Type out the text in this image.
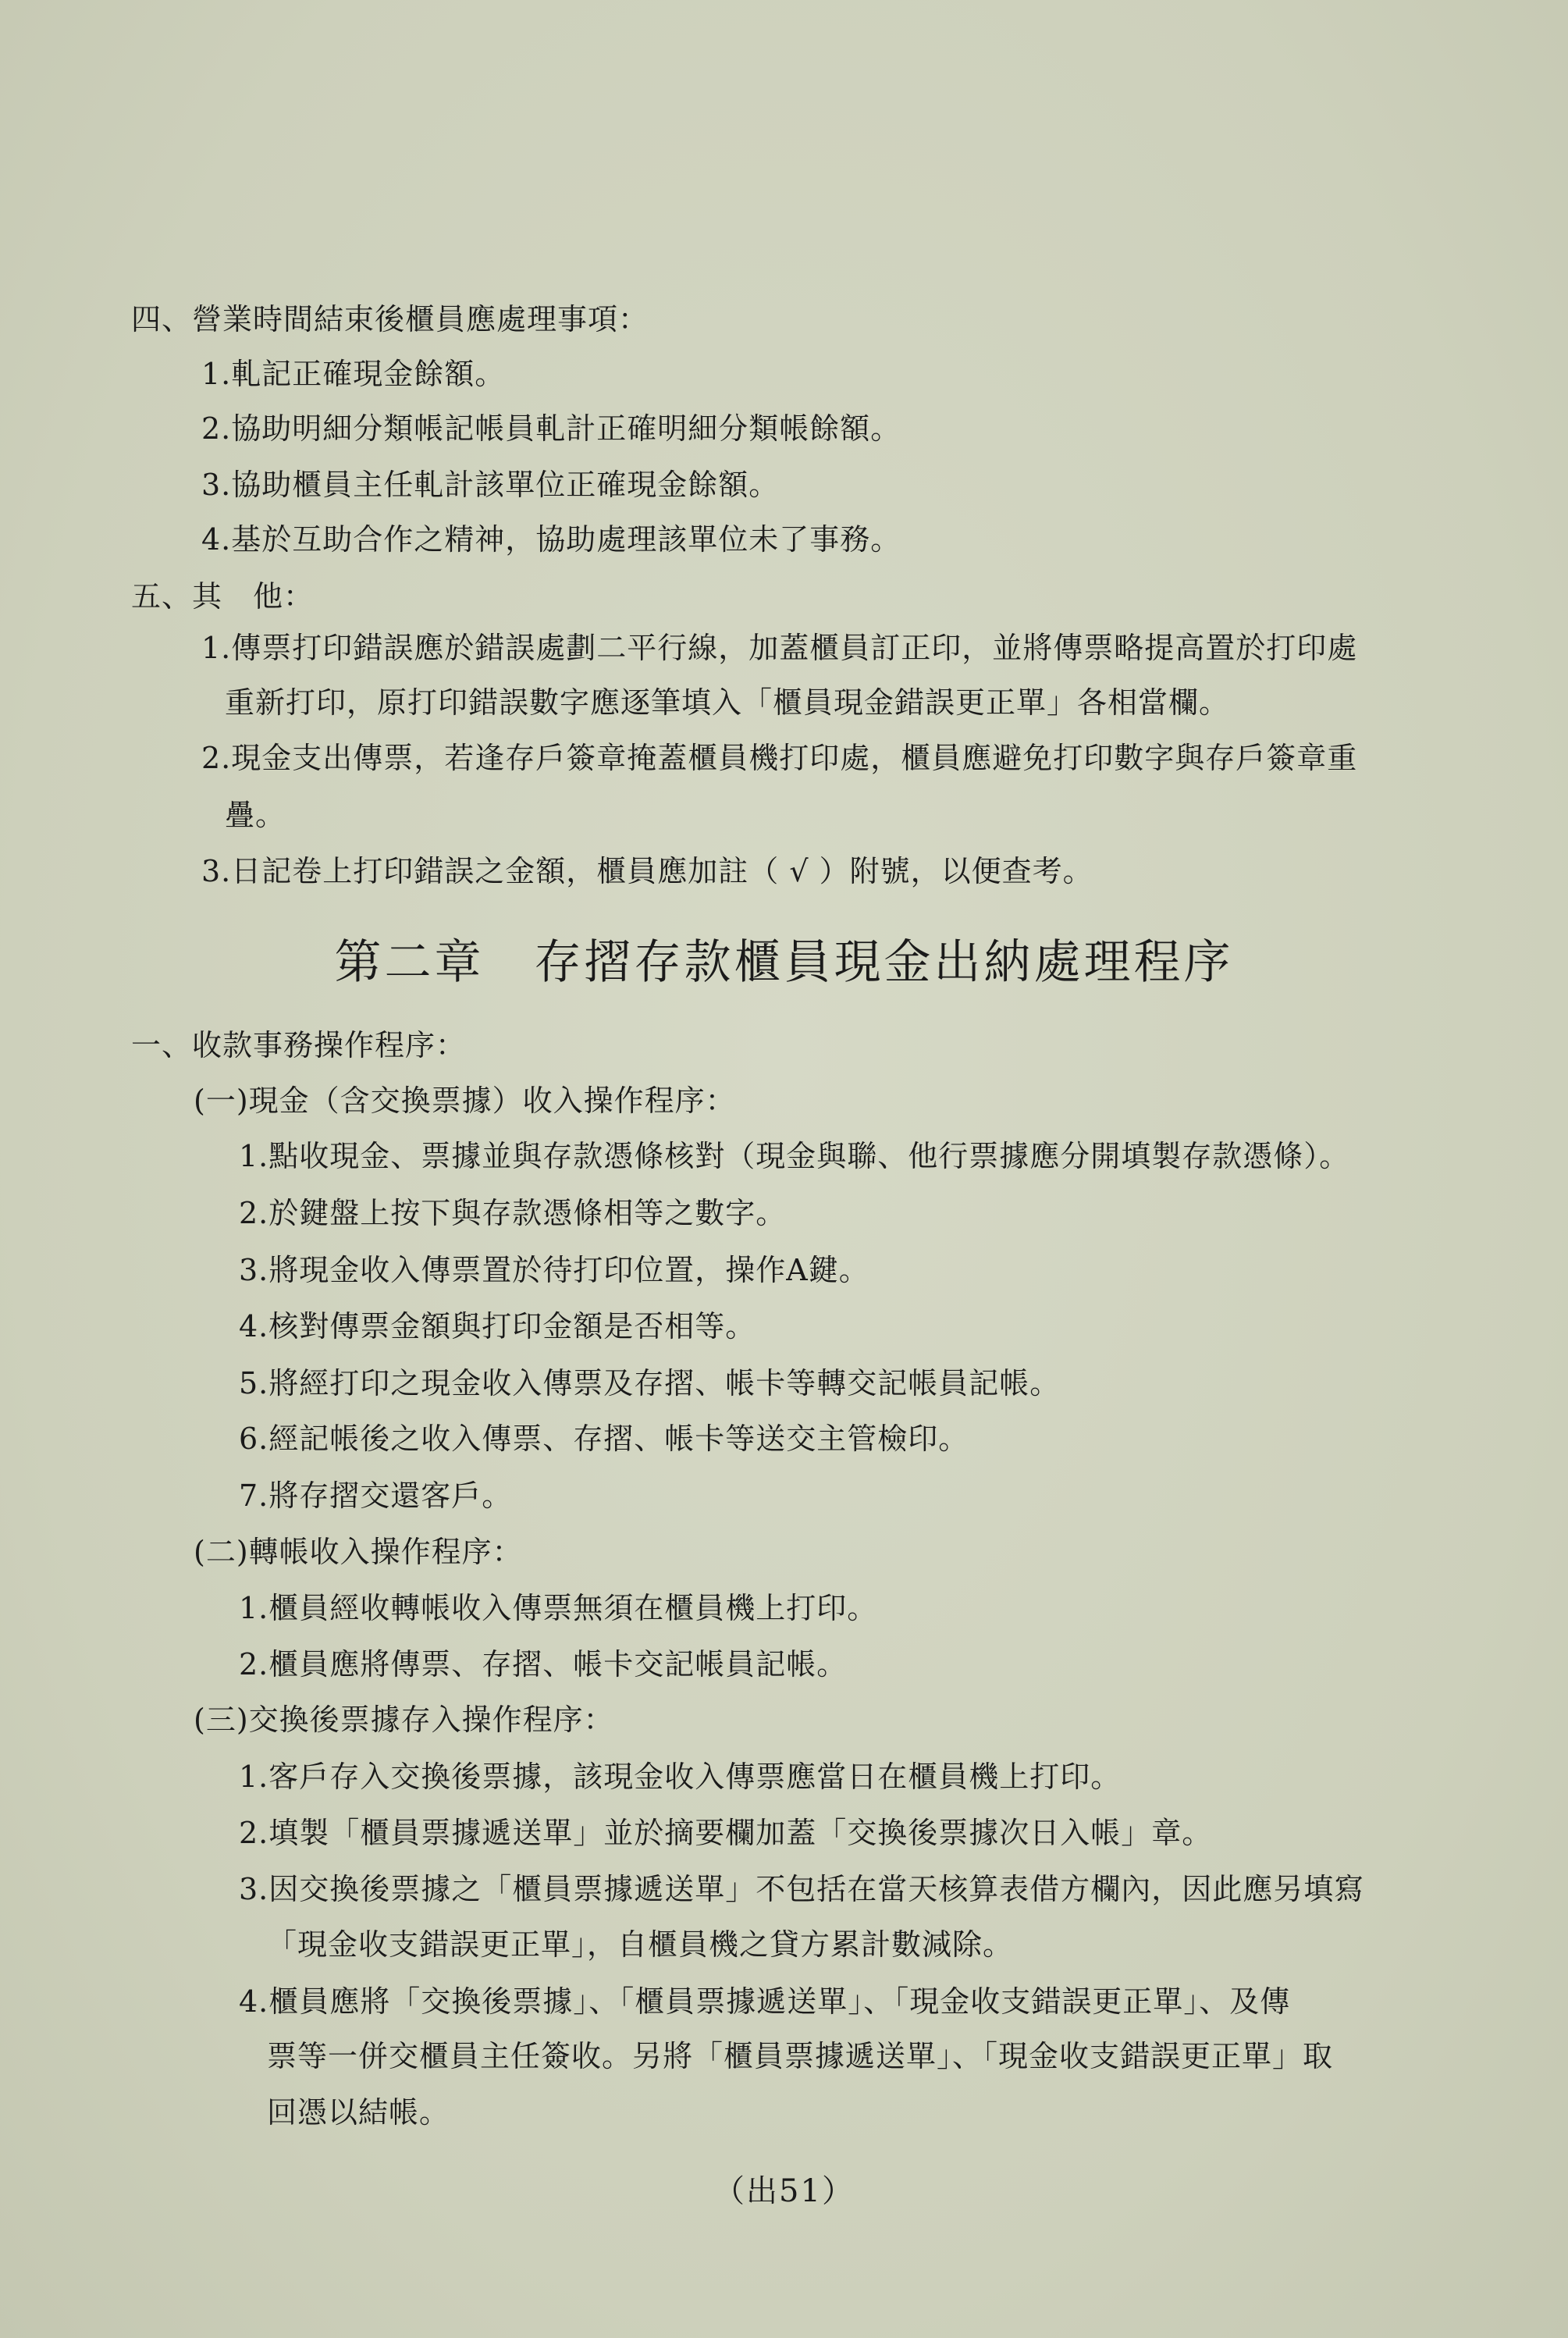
四、營業時間結束後櫃員應處理事項：
1.軋記正確現金餘額。
2.協助明細分類帳記帳員軋計正確明細分類帳餘額。
3.協助櫃員主任軋計該單位正確現金餘額。
4.基於互助合作之精神，協助處理該單位未了事務。
五、其　他：
1.傳票打印錯誤應於錯誤處劃二平行線，加蓋櫃員訂正印，並將傳票略提高置於打印處
重新打印，原打印錯誤數字應逐筆填入「櫃員現金錯誤更正單」各相當欄。
2.現金支出傳票，若逢存戶簽章掩蓋櫃員機打印處，櫃員應避免打印數字與存戶簽章重
疊。
3.日記卷上打印錯誤之金額，櫃員應加註（ √ ）附號，以便查考。
第二章　存摺存款櫃員現金出納處理程序
一、收款事務操作程序：
(一)現金（含交換票據）收入操作程序：
1.點收現金、票據並與存款憑條核對（現金與聯、他行票據應分開填製存款憑條）。
2.於鍵盤上按下與存款憑條相等之數字。
3.將現金收入傳票置於待打印位置，操作A鍵。
4.核對傳票金額與打印金額是否相等。
5.將經打印之現金收入傳票及存摺、帳卡等轉交記帳員記帳。
6.經記帳後之收入傳票、存摺、帳卡等送交主管檢印。
7.將存摺交還客戶。
(二)轉帳收入操作程序：
1.櫃員經收轉帳收入傳票無須在櫃員機上打印。
2.櫃員應將傳票、存摺、帳卡交記帳員記帳。
(三)交換後票據存入操作程序：
1.客戶存入交換後票據，該現金收入傳票應當日在櫃員機上打印。
2.填製「櫃員票據遞送單」並於摘要欄加蓋「交換後票據次日入帳」章。
3.因交換後票據之「櫃員票據遞送單」不包括在當天核算表借方欄內，因此應另填寫
「現金收支錯誤更正單」，自櫃員機之貸方累計數減除。
4.櫃員應將「交換後票據」、「櫃員票據遞送單」、「現金收支錯誤更正單」、及傳
票等一併交櫃員主任簽收。另將「櫃員票據遞送單」、「現金收支錯誤更正單」取
回憑以結帳。
（出51）
